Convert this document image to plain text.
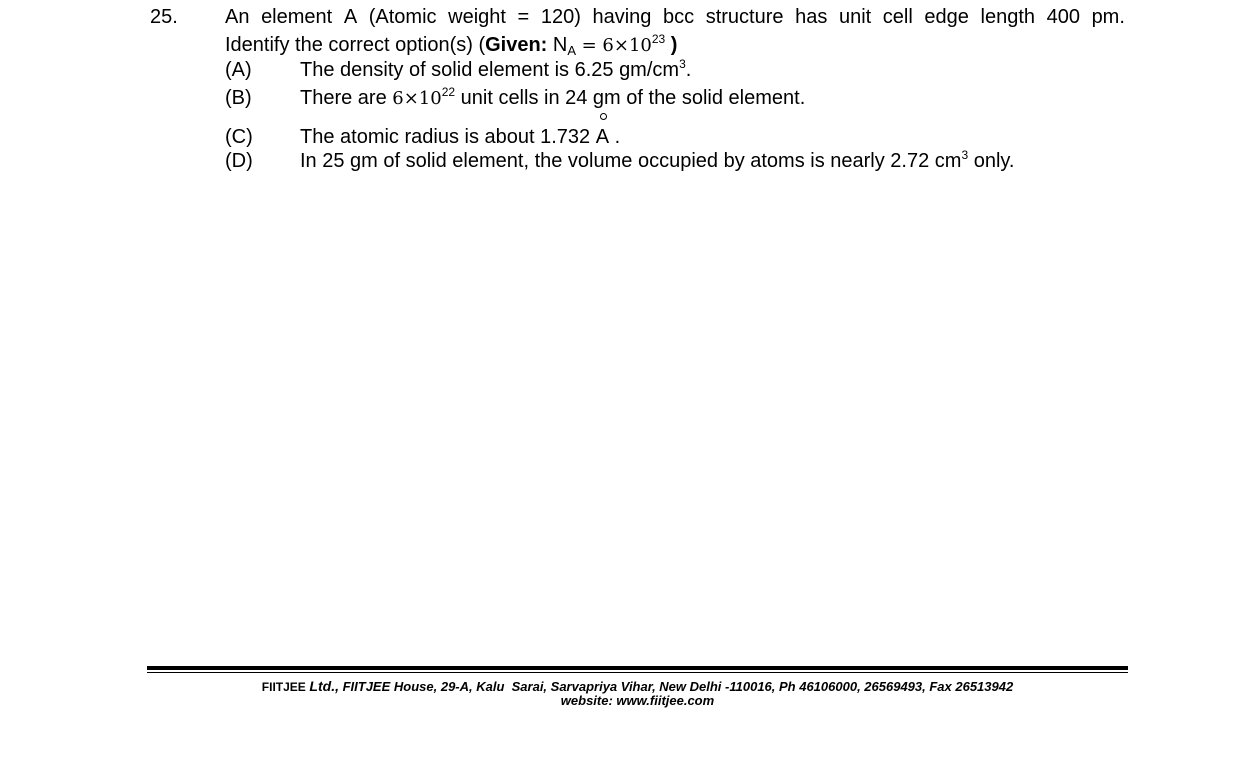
25. An element A (Atomic weight = 120) having bcc structure has unit cell edge length 400 pm.
Identify the correct option(s) (Given: $N_A = 6\times 10^{23}$ )
(A) The density of solid element is 6.25 $gm/cm^3$.
(B) There are $6\times 10^{22}$ unit cells in 24 gm of the solid element.
(C) The atomic radius is about 1.732
A .
(D) In 25 gm of solid element, the volume occupied by atoms is nearly 2.72 $cm^3$ only.
FIITJEE Ltd., FIITJEE House, 29-A, Kalu  Sarai, Sarvapriya Vihar, New Delhi -110016, Ph 46106000, 26569493, Fax 26513942
website: www.fiitjee.com
